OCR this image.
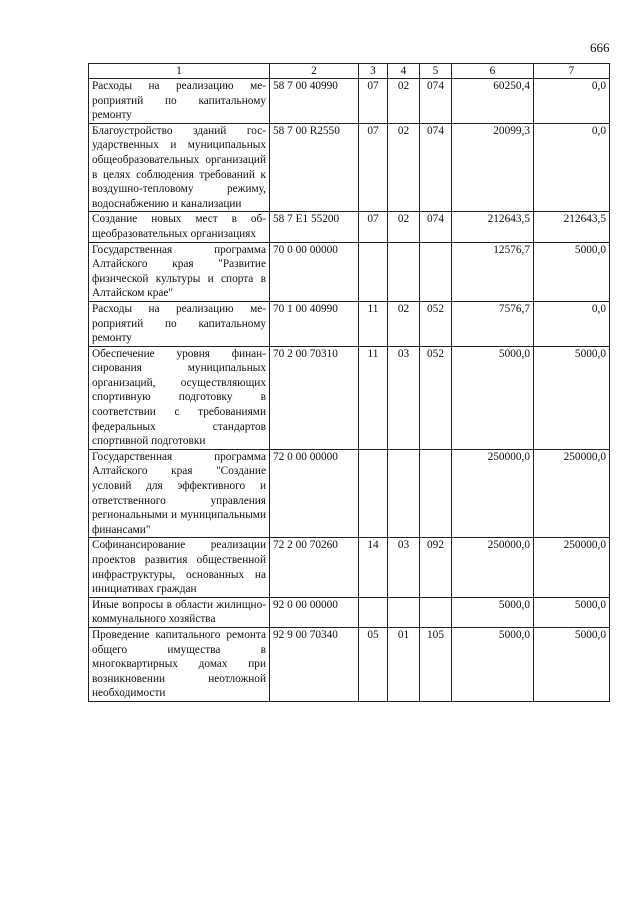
666
1	2	3	4	5	6	7
Расходы на реализацию мероприятий по капитальному ремонту	58 7 00 40990	07	02	074	60250,4	0,0
Благоустройство зданий государственных и муниципальных общеобразовательных организаций в целях соблюдения требований к воздушно-тепловому режиму, водоснабжению и канализации	58 7 00 R2550	07	02	074	20099,3	0,0
Создание новых мест в общеобразовательных организациях	58 7 E1 55200	07	02	074	212643,5	212643,5
Государственная программа Алтайского края "Развитие физической культуры и спорта в Алтайском крае"	70 0 00 00000				12576,7	5000,0
Расходы на реализацию мероприятий по капитальному ремонту	70 1 00 40990	11	02	052	7576,7	0,0
Обеспечение уровня финансирования муниципальных организаций, осуществляющих спортивную подготовку в соответствии с требованиями федеральных стандартов спортивной подготовки	70 2 00 70310	11	03	052	5000,0	5000,0
Государственная программа Алтайского края "Создание условий для эффективного и ответственного управления региональными и муниципальными финансами"	72 0 00 00000				250000,0	250000,0
Софинансирование реализации проектов развития общественной инфраструктуры, основанных на инициативах граждан	72 2 00 70260	14	03	092	250000,0	250000,0
Иные вопросы в области жилищно-коммунального хозяйства	92 0 00 00000				5000,0	5000,0
Проведение капитального ремонта общего имущества в многоквартирных домах при возникновении неотложной необходимости	92 9 00 70340	05	01	105	5000,0	5000,0
